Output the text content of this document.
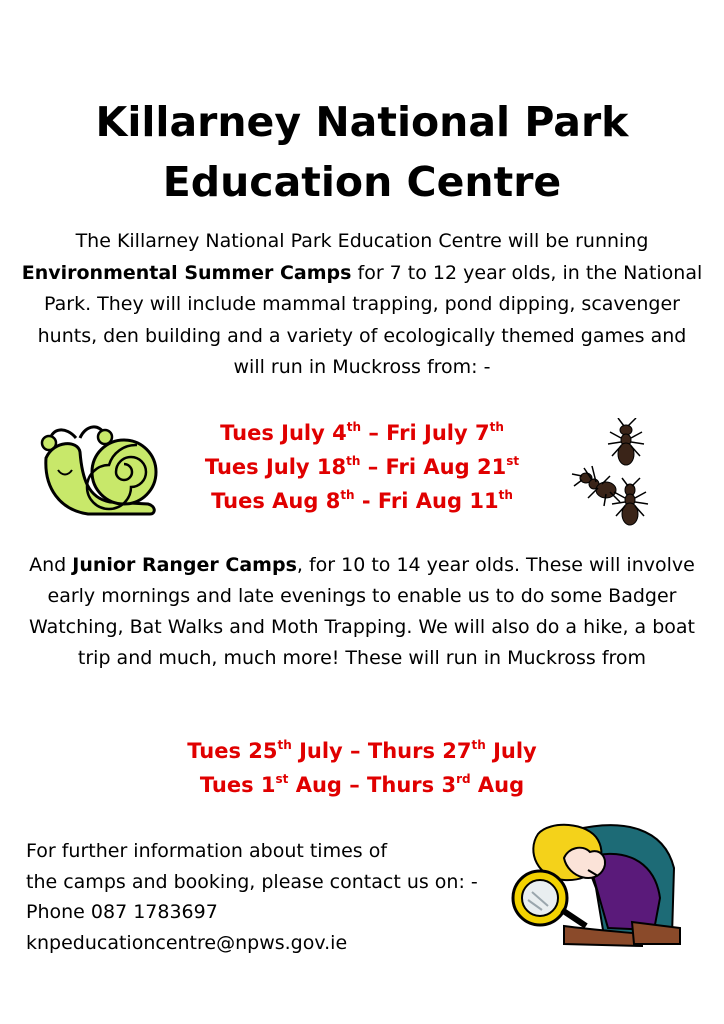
Killarney National Park
Education Centre
The Killarney National Park Education Centre will be running Environmental Summer Camps for 7 to 12 year olds, in the National Park. They will include mammal trapping, pond dipping, scavenger hunts, den building and a variety of ecologically themed games and will run in Muckross from: -
Tues July 4th – Fri July 7th
Tues July 18th – Fri Aug 21st
Tues Aug 8th - Fri Aug 11th
And Junior Ranger Camps, for 10 to 14 year olds. These will involve early mornings and late evenings to enable us to do some Badger Watching, Bat Walks and Moth Trapping. We will also do a hike, a boat trip and much, much more! These will run in Muckross from
Tues 25th July – Thurs 27th July
Tues 1st Aug – Thurs 3rd Aug
For further information about times of
the camps and booking, please contact us on: -
Phone 087 1783697
knpeducationcentre@npws.gov.ie
